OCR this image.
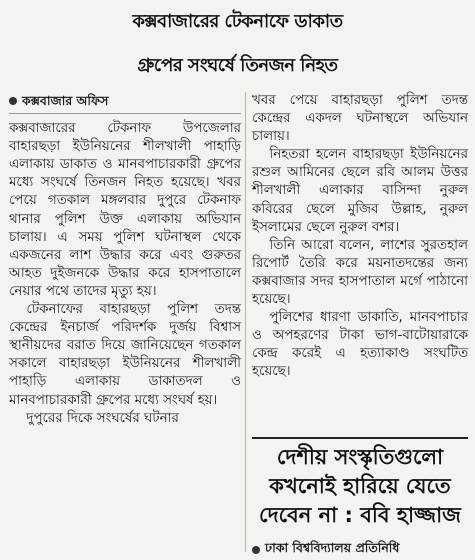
কক্সবাজারের টেকনাফে ডাকাত
গ্রুপের সংঘর্ষে তিনজন নিহত
কক্সবাজার অফিস

কক্সবাজারের টেকনাফ উপজেলার বাহারছড়া ইউনিয়নের শীলখালী পাহাড়ি এলাকায় ডাকাত ও মানবপাচারকারী গ্রুপের মধ্যে সংঘর্ষে তিনজন নিহত হয়েছে। খবর পেয়ে গতকাল মঙ্গলবার দুপুরে টেকনাফ থানার পুলিশ উক্ত এলাকায় অভিযান চালায়। এ সময় পুলিশ ঘটনাস্থল থেকে একজনের লাশ উদ্ধার করে এবং গুরুতর আহত দুইজনকে উদ্ধার করে হাসপাতালে নেয়ার পথে তাদের মৃত্যু হয়।

টেকনাফের বাহারছড়া পুলিশ তদন্ত কেন্দ্রের ইনচার্জ পরিদর্শক দুর্জয় বিশ্বাস স্থানীয়দের বরাত দিয়ে জানিয়েছেন গতকাল সকালে বাহারছড়া ইউনিয়নের শীলখালী পাহাড়ি এলাকায় ডাকাতদল ও মানবপাচারকারী গ্রুপের মধ্যে সংঘর্ষ হয়।

দুপুরের দিকে সংঘর্ষের ঘটনার

খবর পেয়ে বাহারছড়া পুলিশ তদন্ত কেন্দ্রের একদল ঘটনাস্থলে অভিযান চালায়।

নিহতরা হলেন বাহারছড়া ইউনিয়নের রশুল আমিনের ছেলে রবি আলম উত্তর শীলখালী এলাকার বাসিন্দা নুরুল কবিরের ছেলে মুজিব উল্লাহ, নুরুল ইসলামের ছেলে নুরুল বশর।

তিনি আরো বলেন, লাশের সুরতহাল রিপোর্ট তৈরি করে ময়নাতদন্তের জন্য কক্সবাজার সদর হাসপাতাল মর্গে পাঠানো হয়েছে।

পুলিশের ধারণা ডাকাতি, মানবপাচার ও অপহরণের টাকা ভাগ-বাটোয়ারাকে কেন্দ্র করেই এ হত্যাকাণ্ড সংঘটিত হয়েছে।

দেশীয় সংস্কৃতিগুলো
কখনোই হারিয়ে যেতে
দেবেন না : ববি হাজ্জাজ
ঢাকা বিশ্ববিদ্যালয় প্রতিনিধি
